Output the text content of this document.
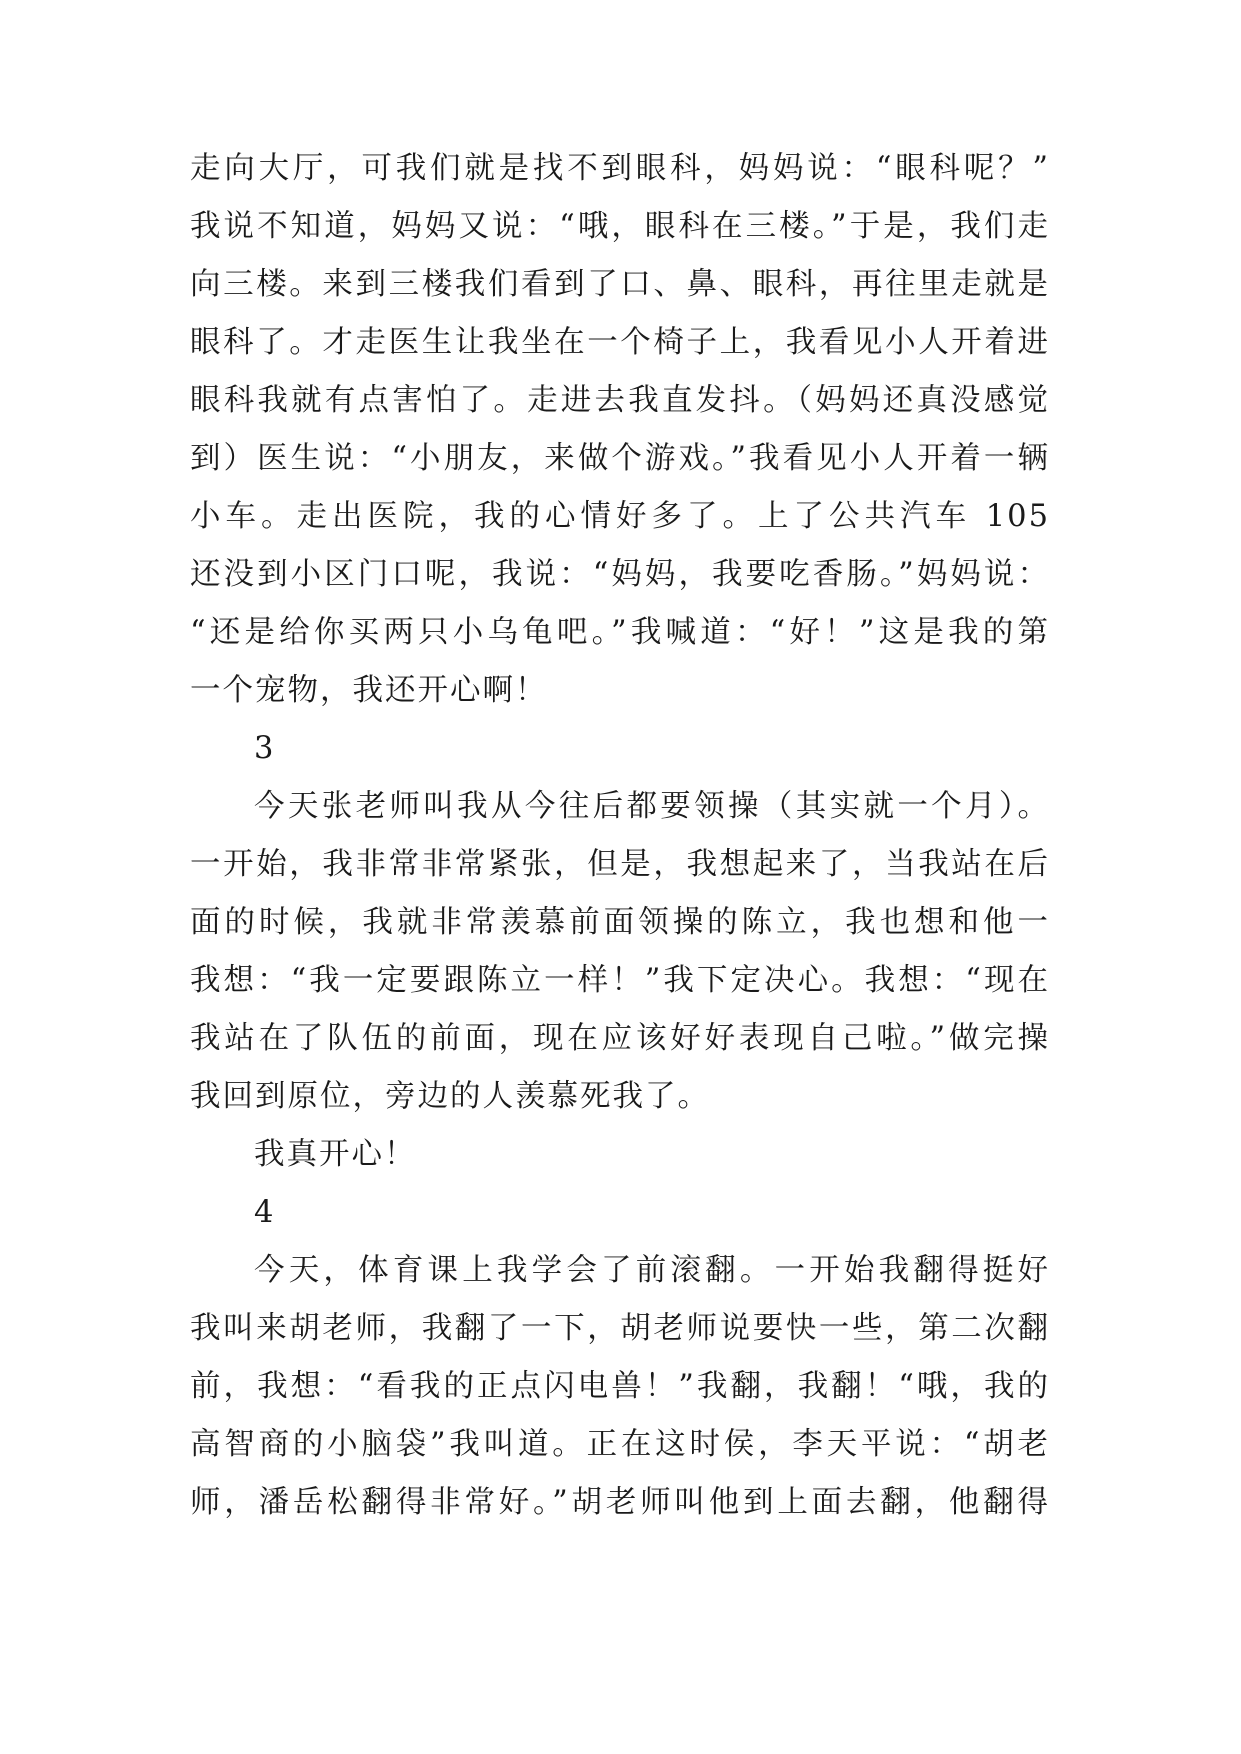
走向大厅，可我们就是找不到眼科，妈妈说：“眼科呢？”
我说不知道，妈妈又说：“哦，眼科在三楼。”于是，我们走
向三楼。来到三楼我们看到了口、鼻、眼科，再往里走就是
眼科了。才走医生让我坐在一个椅子上，我看见小人开着进
眼科我就有点害怕了。走进去我直发抖。（妈妈还真没感觉
到）医生说：“小朋友，来做个游戏。”我看见小人开着一辆
小车。走出医院，我的心情好多了。上了公共汽车 105
还没到小区门口呢，我说：“妈妈，我要吃香肠。”妈妈说：
“还是给你买两只小乌龟吧。”我喊道：“好！”这是我的第
一个宠物，我还开心啊！
3
今天张老师叫我从今往后都要领操（其实就一个月）。
一开始，我非常非常紧张，但是，我想起来了，当我站在后
面的时候，我就非常羡慕前面领操的陈立，我也想和他一
我想：“我一定要跟陈立一样！”我下定决心。我想：“现在
我站在了队伍的前面，现在应该好好表现自己啦。”做完操
我回到原位，旁边的人羡慕死我了。
我真开心！
4
今天，体育课上我学会了前滚翻。一开始我翻得挺好
我叫来胡老师，我翻了一下，胡老师说要快一些，第二次翻
前，我想：“看我的正点闪电兽！”我翻，我翻！“哦，我的
高智商的小脑袋”我叫道。正在这时侯，李天平说：“胡老
师，潘岳松翻得非常好。”胡老师叫他到上面去翻，他翻得
